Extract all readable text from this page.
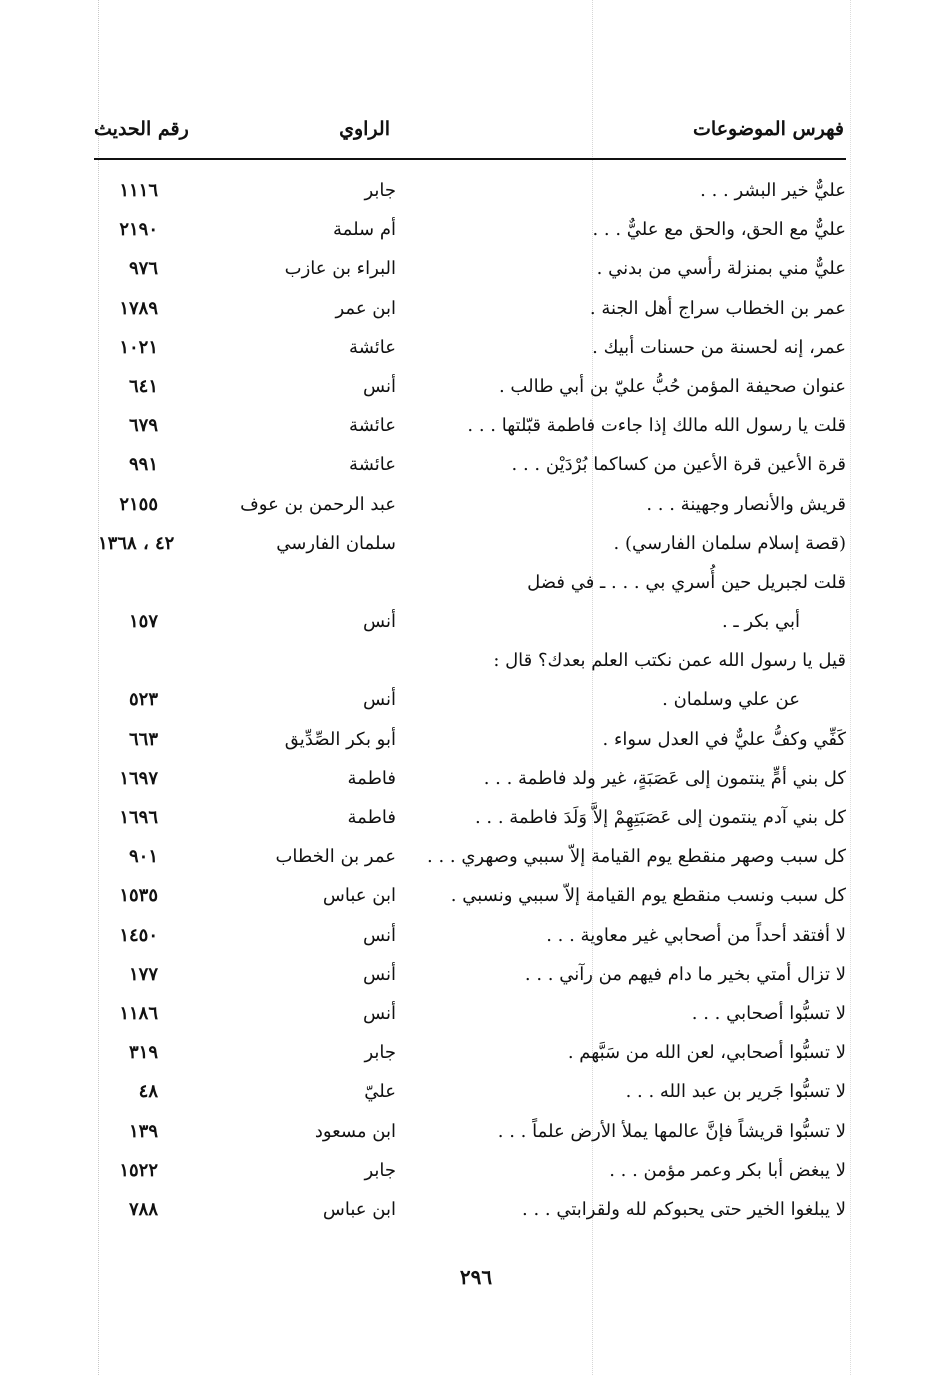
فهرس الموضوعات
الراوي
رقم الحديث
عليٌّ خير البشر . . .
جابر
١١١٦
عليٌّ مع الحق، والحق مع عليٌّ . . .
أم سلمة
٢١٩٠
عليٌّ مني بمنزلة رأسي من بدني .
البراء بن عازب
٩٧٦
عمر بن الخطاب سراج أهل الجنة .
ابن عمر
١٧٨٩
عمر، إنه لحسنة من حسنات أبيك .
عائشة
١٠٢١
عنوان صحيفة المؤمن حُبُّ عليّ بن أبي طالب .
أنس
٦٤١
قلت يا رسول الله مالك إذا جاءت فاطمة قبّلتها . . .
عائشة
٦٧٩
قرة الأعين قرة الأعين من كساكما بُرْدَيْن . . .
عائشة
٩٩١
قريش والأنصار وجهينة . . .
عبد الرحمن بن عوف
٢١٥٥
(قصة إسلام سلمان الفارسي) .
سلمان الفارسي
٤٢ ، ١٣٦٨
قلت لجبريل حين أُسري بي . . . ـ في فضل
أبي بكر ـ .
أنس
١٥٧
قيل يا رسول الله عمن نكتب العلم بعدك؟ قال :
عن علي وسلمان .
أنس
٥٢٣
كَفِّي وكفُّ عليٌّ في العدل سواء .
أبو بكر الصِّدِّيق
٦٦٣
كل بني أمٍّ ينتمون إلى عَصَبَةٍ، غير ولد فاطمة . . .
فاطمة
١٦٩٧
كل بني آدم ينتمون إلى عَصَبَتِهِمْ إلاَّ وَلَدَ فاطمة . . .
فاطمة
١٦٩٦
كل سبب وصهر منقطع يوم القيامة إلاّ سببي وصهري . . .
عمر بن الخطاب
٩٠١
كل سبب ونسب منقطع يوم القيامة إلاّ سببي ونسبي .
ابن عباس
١٥٣٥
لا أفتقد أحداً من أصحابي غير معاوية . . .
أنس
١٤٥٠
لا تزال أمتي بخير ما دام فيهم من رآني . . .
أنس
١٧٧
لا تسبُّوا أصحابي . . .
أنس
١١٨٦
لا تسبُّوا أصحابي، لعن الله من سَبَّهم .
جابر
٣١٩
لا تسبُّوا جَرير بن عبد الله . . .
عليّ
٤٨
لا تسبُّوا قريشاً فإنَّ عالمها يملأ الأرض علماً . . .
ابن مسعود
١٣٩
لا يبغض أبا بكر وعمر مؤمن . . .
جابر
١٥٢٢
لا يبلغوا الخير حتى يحبوكم لله ولقرابتي . . .
ابن عباس
٧٨٨
٢٩٦
